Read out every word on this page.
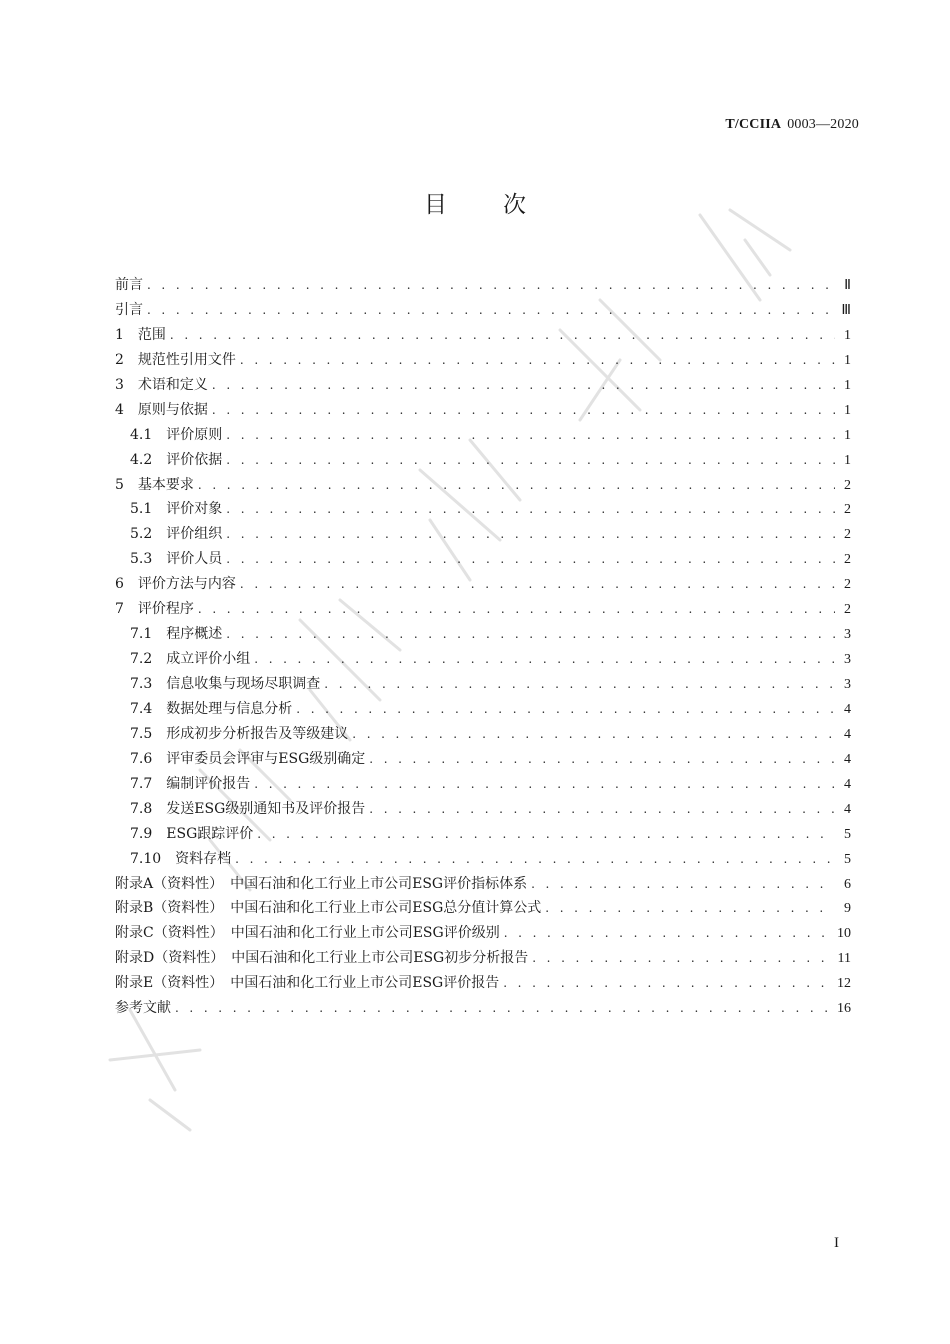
T/CCIIA 0003—2020
目次
前言 . . .	Ⅱ
引言 . . .	Ⅲ
1　范围 . . .	1
2　规范性引用文件 . . .	1
3　术语和定义 . . .	1
4　原则与依据 . . .	1
4.1　评价原则 . . .	1
4.2　评价依据 . . .	1
5　基本要求 . . .	2
5.1　评价对象 . . .	2
5.2　评价组织 . . .	2
5.3　评价人员 . . .	2
6　评价方法与内容 . . .	2
7　评价程序 . . .	2
7.1　程序概述 . . .	3
7.2　成立评价小组 . . .	3
7.3　信息收集与现场尽职调查 . . .	3
7.4　数据处理与信息分析 . . .	4
7.5　形成初步分析报告及等级建议 . . .	4
7.6　评审委员会评审与ESG级别确定 . . .	4
7.7　编制评价报告 . . .	4
7.8　发送ESG级别通知书及评价报告 . . .	4
7.9　ESG跟踪评价 . . .	5
7.10　资料存档 . . .	5
附录A（资料性）　中国石油和化工行业上市公司ESG评价指标体系 . . .	6
附录B（资料性）　中国石油和化工行业上市公司ESG总分值计算公式 . . .	9
附录C（资料性）　中国石油和化工行业上市公司ESG评价级别 . . .	10
附录D（资料性）　中国石油和化工行业上市公司ESG初步分析报告 . . .	11
附录E（资料性）　中国石油和化工行业上市公司ESG评价报告 . . .	12
参考文献 . . .	16
I
